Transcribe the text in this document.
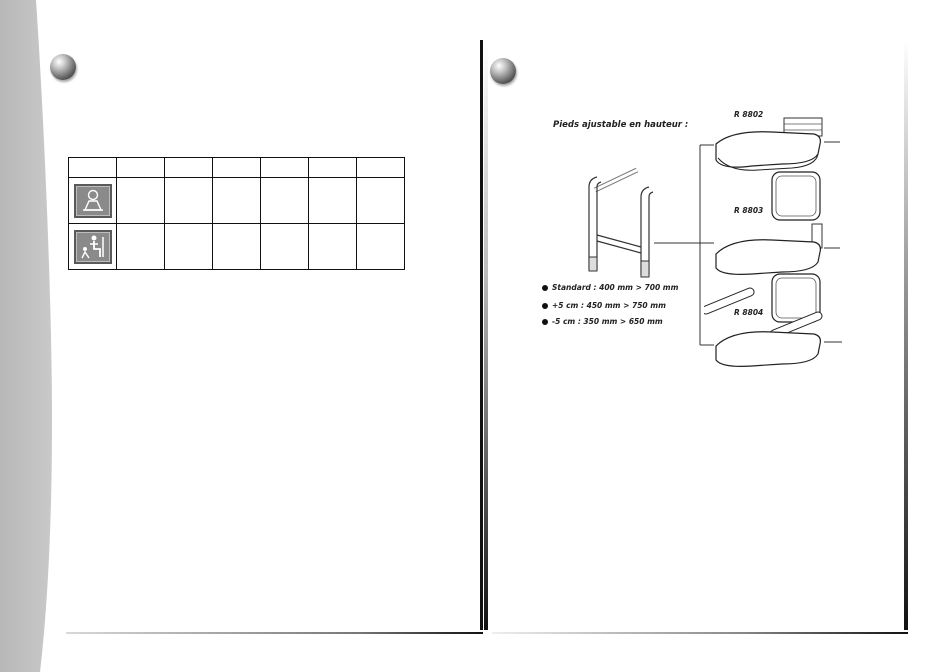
Pieds ajustable en hauteur :
Standard : 400 mm > 700 mm
+5 cm : 450 mm > 750 mm
-5 cm : 350 mm > 650 mm
R 8802
R 8803
R 8804
